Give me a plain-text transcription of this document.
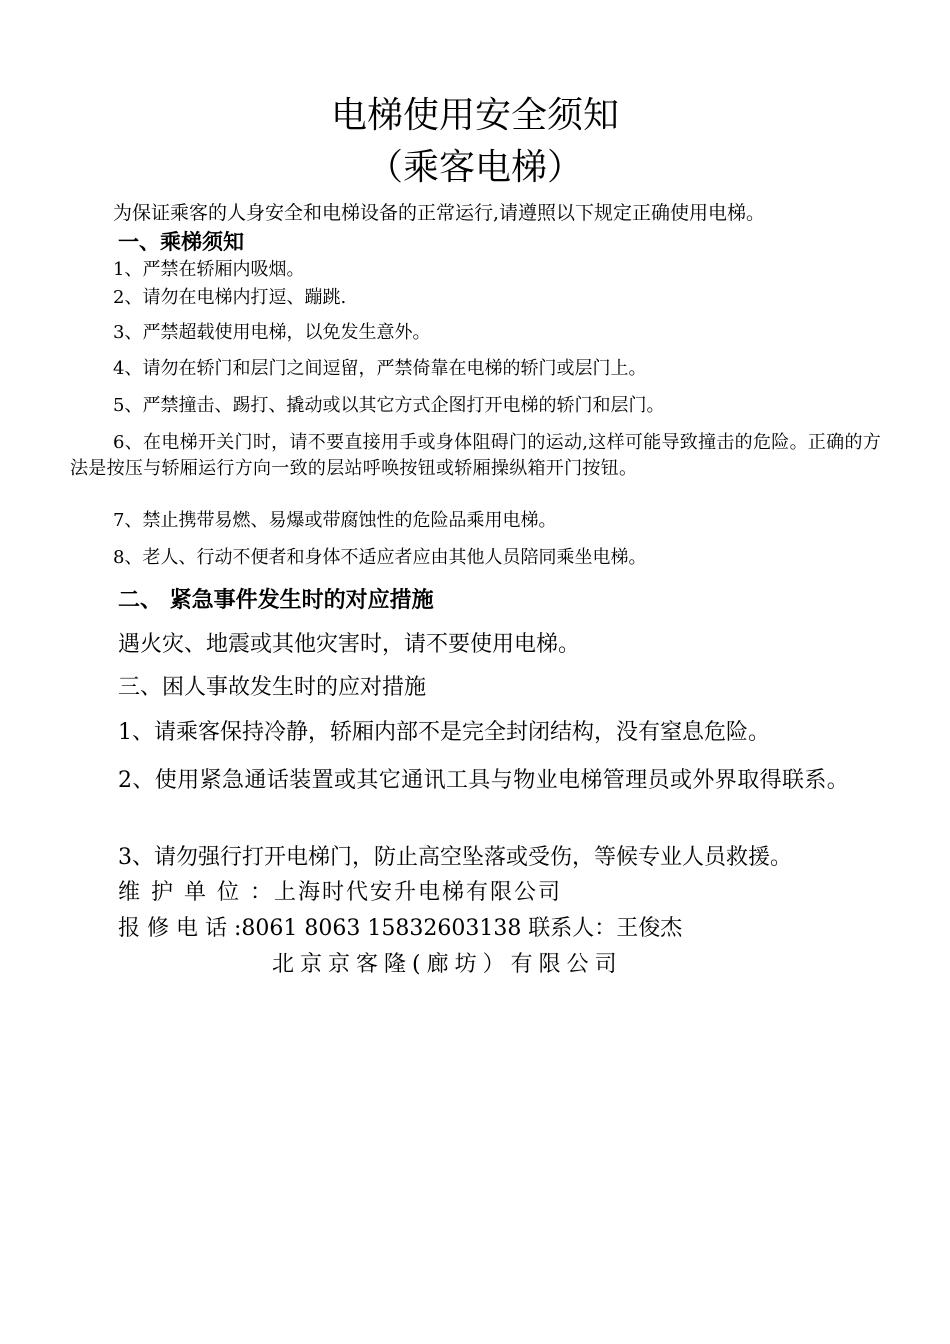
电梯使用安全须知
（乘客电梯）

为保证乘客的人身安全和电梯设备的正常运行,请遵照以下规定正确使用电梯。

一、乘梯须知

1、严禁在轿厢内吸烟。

2、请勿在电梯内打逗、蹦跳.

3、严禁超载使用电梯，以免发生意外。

4、请勿在轿门和层门之间逗留，严禁倚靠在电梯的轿门或层门上。

5、严禁撞击、踢打、撬动或以其它方式企图打开电梯的轿门和层门。

6、在电梯开关门时，请不要直接用手或身体阻碍门的运动,这样可能导致撞击的危险。正确的方法是按压与轿厢运行方向一致的层站呼唤按钮或轿厢操纵箱开门按钮。

7、禁止携带易燃、易爆或带腐蚀性的危险品乘用电梯。

8、老人、行动不便者和身体不适应者应由其他人员陪同乘坐电梯。

二、 紧急事件发生时的对应措施

遇火灾、地震或其他灾害时，请不要使用电梯。

三、困人事故发生时的应对措施

1、请乘客保持冷静，轿厢内部不是完全封闭结构，没有窒息危险。

2、使用紧急通话装置或其它通讯工具与物业电梯管理员或外界取得联系。

3、请勿强行打开电梯门，防止高空坠落或受伤，等候专业人员救援。

维 护 单 位 ：上海时代安升电梯有限公司

报 修 电 话 :8061 8063 15832603138 联系人：王俊杰

北京京客隆(廊坊）有限公司
